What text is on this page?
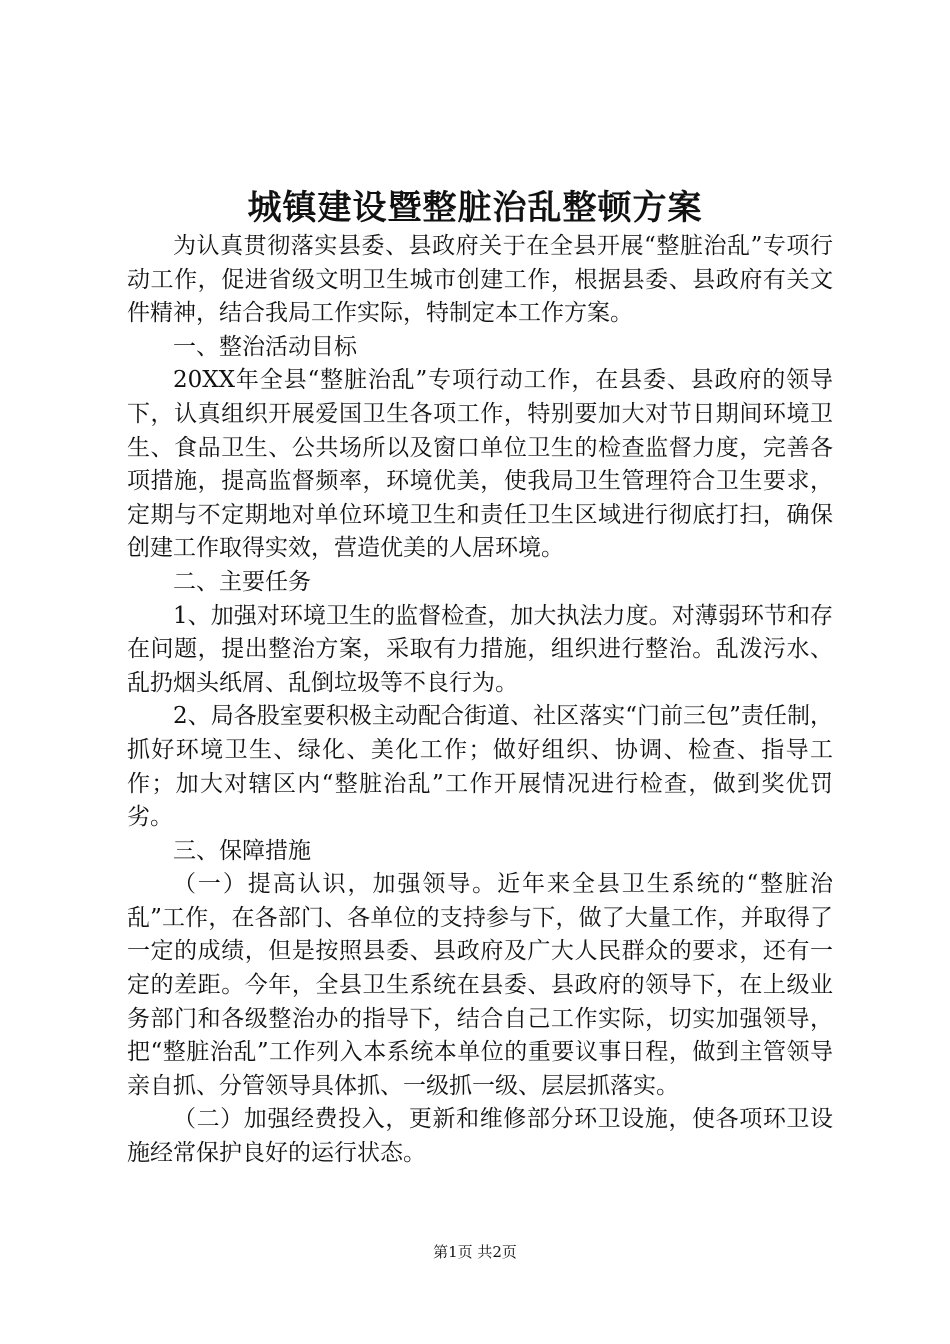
城镇建设暨整脏治乱整顿方案

为认真贯彻落实县委、县政府关于在全县开展“整脏治乱”专项行动工作，促进省级文明卫生城市创建工作，根据县委、县政府有关文件精神，结合我局工作实际，特制定本工作方案。

一、整治活动目标

20XX年全县“整脏治乱”专项行动工作，在县委、县政府的领导下，认真组织开展爱国卫生各项工作，特别要加大对节日期间环境卫生、食品卫生、公共场所以及窗口单位卫生的检查监督力度，完善各项措施，提高监督频率，环境优美，使我局卫生管理符合卫生要求，定期与不定期地对单位环境卫生和责任卫生区域进行彻底打扫，确保创建工作取得实效，营造优美的人居环境。

二、主要任务

1、加强对环境卫生的监督检查，加大执法力度。对薄弱环节和存在问题，提出整治方案，采取有力措施，组织进行整治。乱泼污水、乱扔烟头纸屑、乱倒垃圾等不良行为。

2、局各股室要积极主动配合街道、社区落实“门前三包”责任制，抓好环境卫生、绿化、美化工作；做好组织、协调、检查、指导工作；加大对辖区内“整脏治乱”工作开展情况进行检查，做到奖优罚劣。

三、保障措施

（一）提高认识，加强领导。近年来全县卫生系统的“整脏治乱”工作，在各部门、各单位的支持参与下，做了大量工作，并取得了一定的成绩，但是按照县委、县政府及广大人民群众的要求，还有一定的差距。今年，全县卫生系统在县委、县政府的领导下，在上级业务部门和各级整治办的指导下，结合自己工作实际，切实加强领导，把“整脏治乱”工作列入本系统本单位的重要议事日程，做到主管领导亲自抓、分管领导具体抓、一级抓一级、层层抓落实。

（二）加强经费投入，更新和维修部分环卫设施，使各项环卫设施经常保护良好的运行状态。

第1页 共2页
